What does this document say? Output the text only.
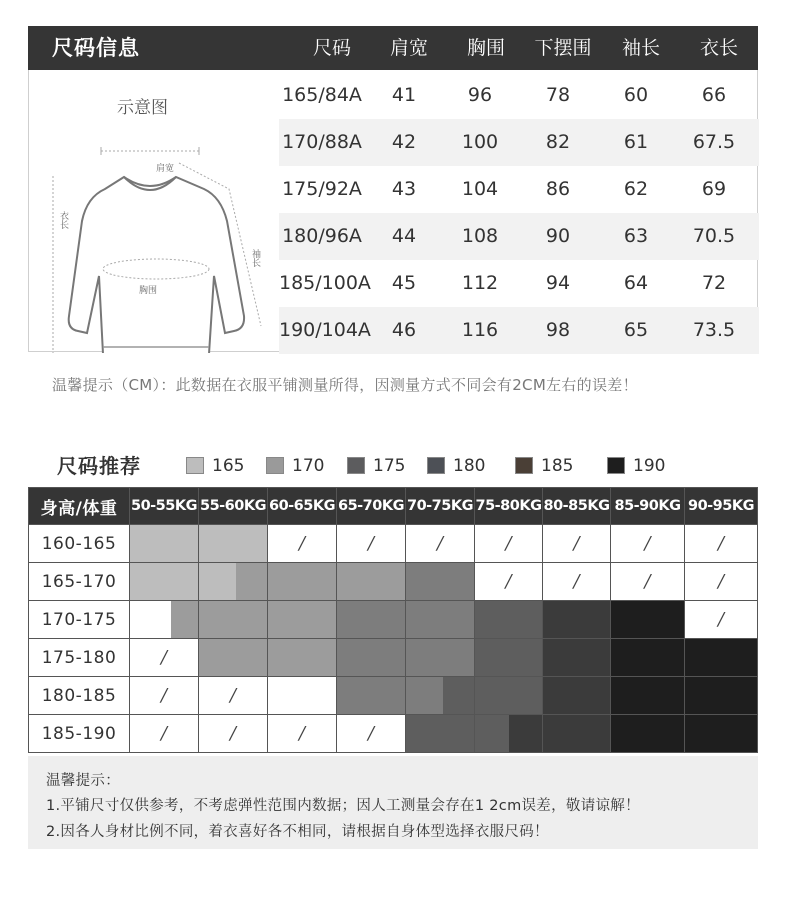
尺码信息	尺码	肩宽	胸围	下摆围	袖长	衣长
示意图
肩宽
衣长
袖长
胸围
165/84A	41	96	78	60	66
170/88A	42	100	82	61	67.5
175/92A	43	104	86	62	69
180/96A	44	108	90	63	70.5
185/100A	45	112	94	64	72
190/104A	46	116	98	65	73.5
温馨提示（CM）：此数据在衣服平铺测量所得，因测量方式不同会有2CM左右的误差！
尺码推荐	165	170	175	180	185	190
身高/体重	50-55KG	55-60KG	60-65KG	65-70KG	70-75KG	75-80KG	80-85KG	85-90KG	90-95KG
160-165			/	/	/	/	/	/	/
165-170						/	/	/	/
170-175									/
175-180	/								
180-185	/	/			

185-190	/	/	/	/		

温馨提示：
1.平铺尺寸仅供参考，不考虑弹性范围内数据；因人工测量会存在1 2cm误差，敬请谅解！
2.因各人身材比例不同，着衣喜好各不相同，请根据自身体型选择衣服尺码！
